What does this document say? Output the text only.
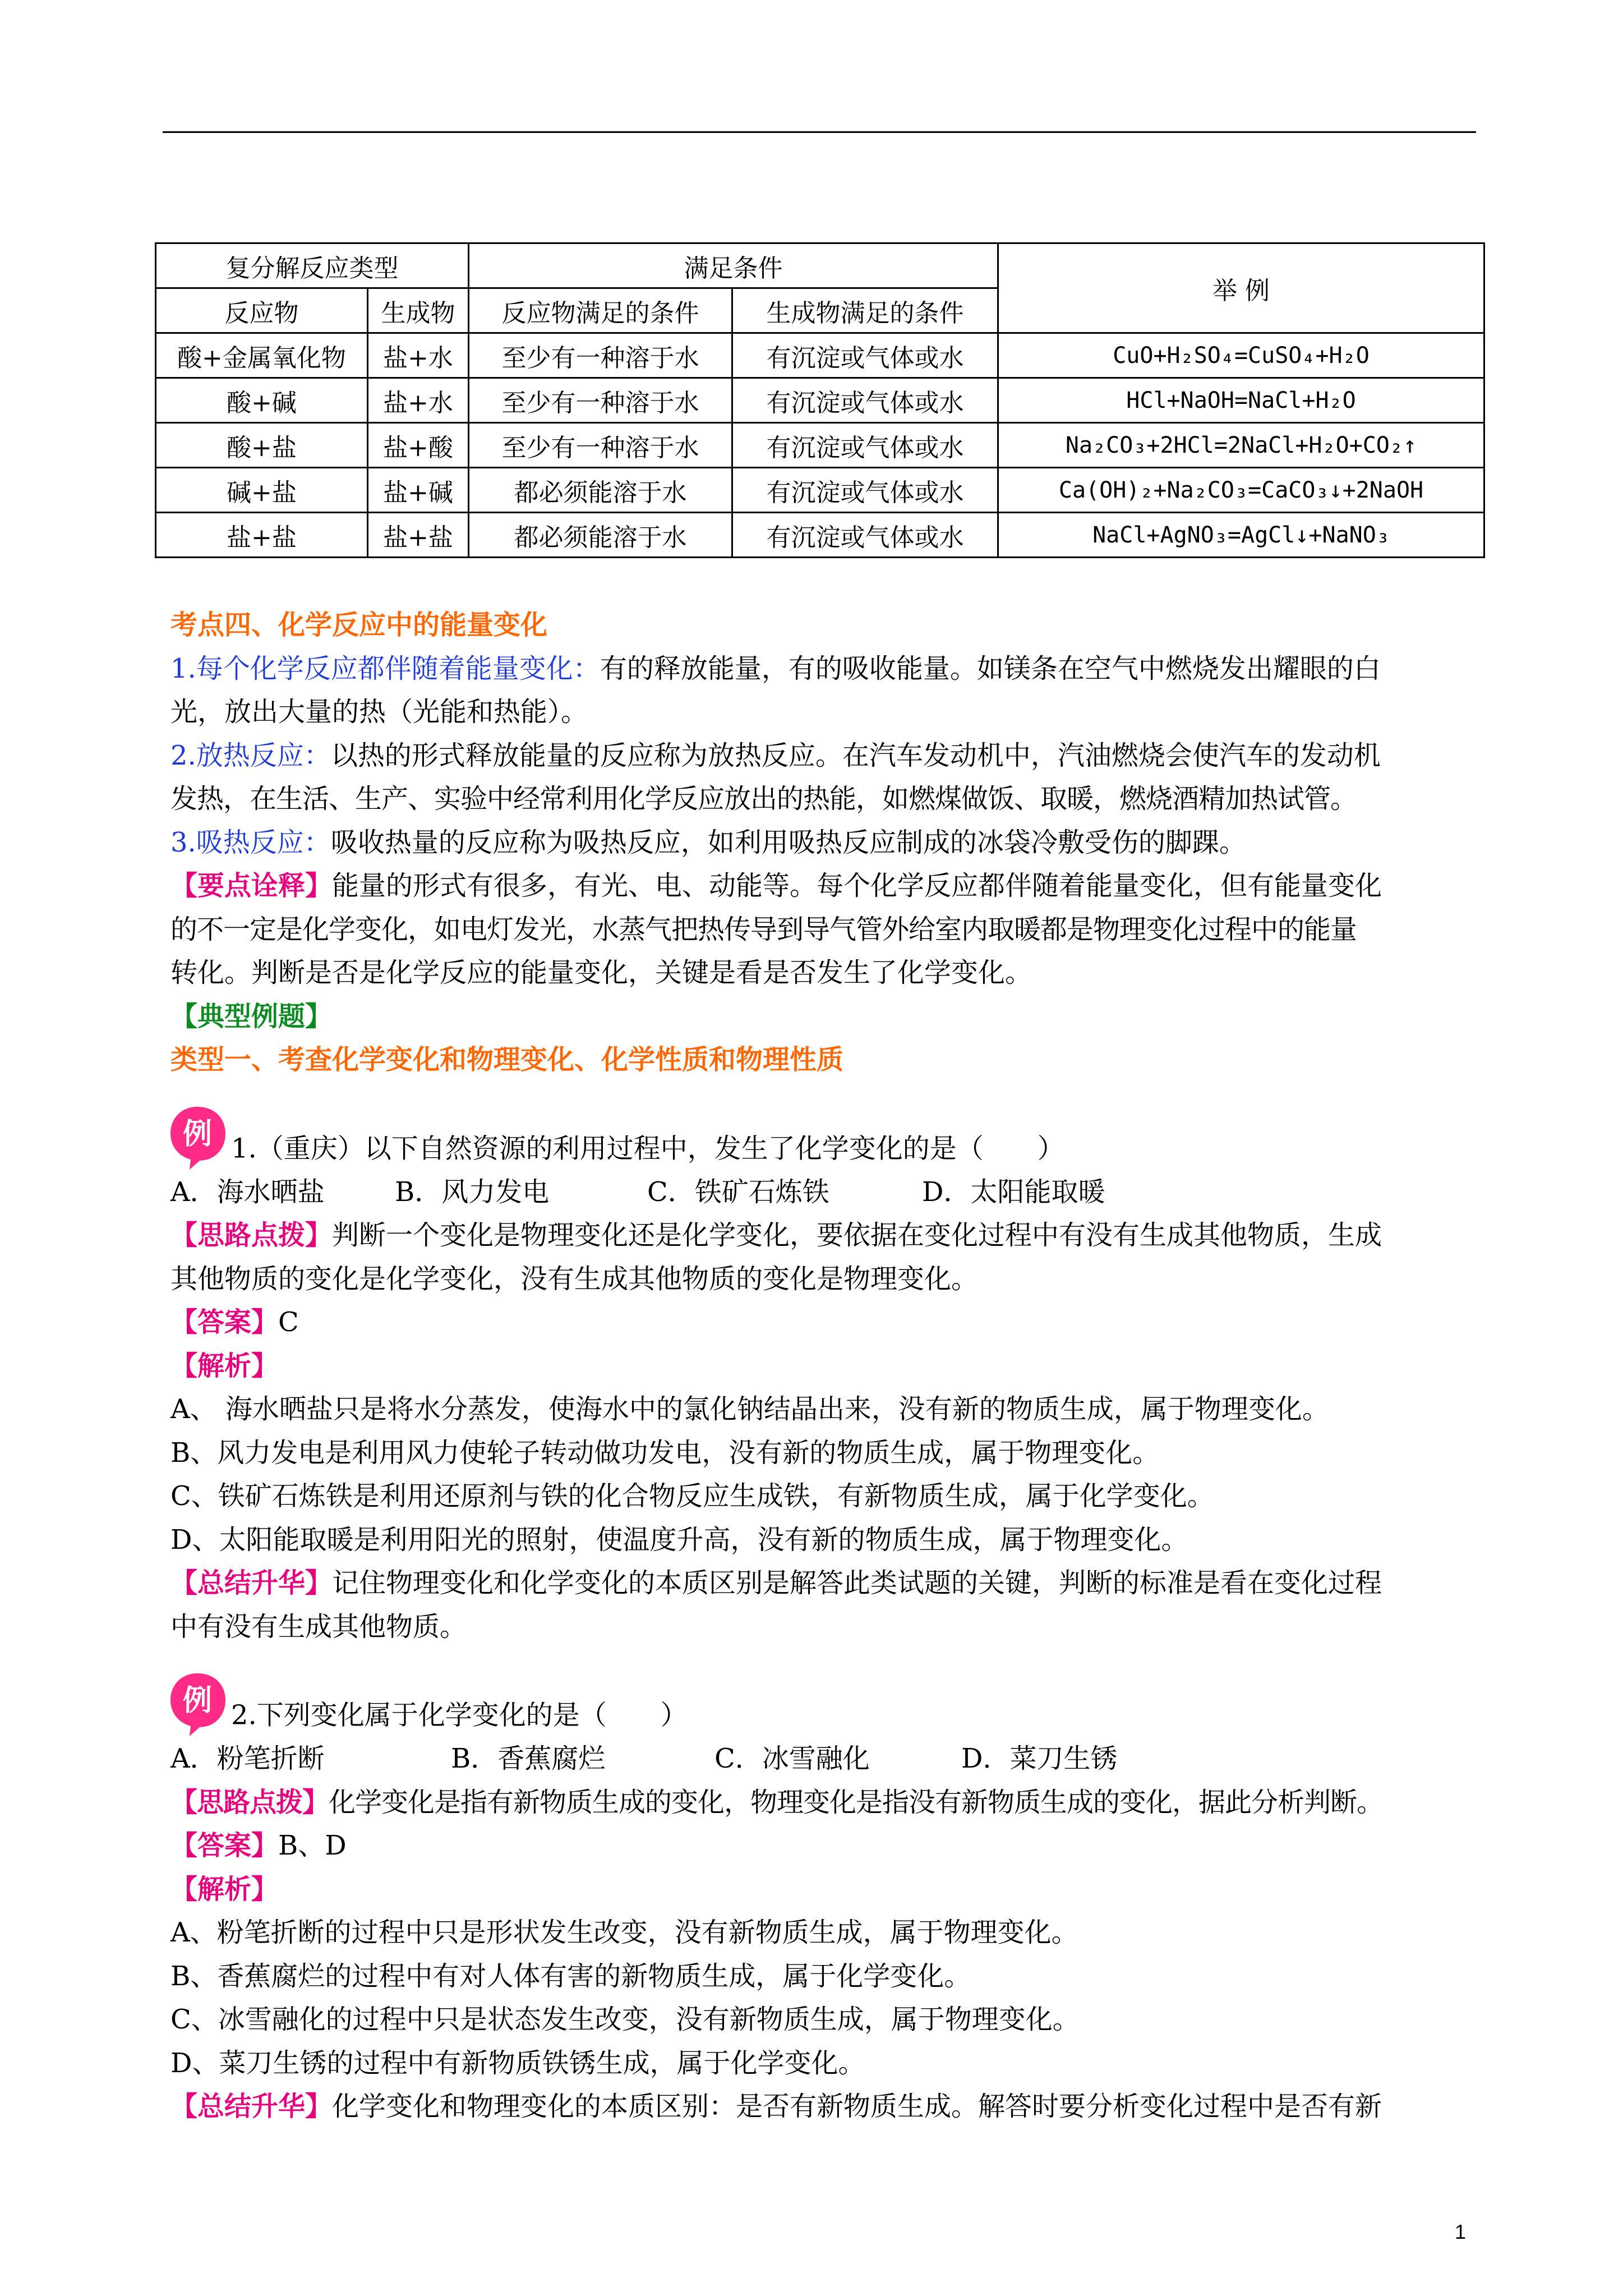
复分解反应类型		满足条件		举 例
反应物	生成物	反应物满足的条件	生成物满足的条件	
酸+金属氧化物	盐+水	至少有一种溶于水	有沉淀或气体或水	CuO+H₂SO₄=CuSO₄+H₂O
酸+碱	盐+水	至少有一种溶于水	有沉淀或气体或水	HCl+NaOH=NaCl+H₂O
酸+盐	盐+酸	至少有一种溶于水	有沉淀或气体或水	Na₂CO₃+2HCl=2NaCl+H₂O+CO₂↑
碱+盐	盐+碱	都必须能溶于水	有沉淀或气体或水	Ca(OH)₂+Na₂CO₃=CaCO₃↓+2NaOH
盐+盐	盐+盐	都必须能溶于水	有沉淀或气体或水	NaCl+AgNO₃=AgCl↓+NaNO₃

考点四、化学反应中的能量变化

1.每个化学反应都伴随着能量变化：有的释放能量，有的吸收能量。如镁条在空气中燃烧发出耀眼的白

光，放出大量的热（光能和热能）。

2.放热反应：以热的形式释放能量的反应称为放热反应。在汽车发动机中，汽油燃烧会使汽车的发动机

发热，在生活、生产、实验中经常利用化学反应放出的热能，如燃煤做饭、取暖，燃烧酒精加热试管。

3.吸热反应：吸收热量的反应称为吸热反应，如利用吸热反应制成的冰袋冷敷受伤的脚踝。

【要点诠释】能量的形式有很多，有光、电、动能等。每个化学反应都伴随着能量变化，但有能量变化

的不一定是化学变化，如电灯发光，水蒸气把热传导到导气管外给室内取暖都是物理变化过程中的能量

转化。判断是否是化学反应的能量变化，关键是看是否发生了化学变化。

【典型例题】

类型一、考查化学变化和物理变化、化学性质和物理性质

例 1.（重庆）以下自然资源的利用过程中，发生了化学变化的是（　　）

A．海水晒盐	B．风力发电	C．铁矿石炼铁	D．太阳能取暖

【思路点拨】判断一个变化是物理变化还是化学变化，要依据在变化过程中有没有生成其他物质，生成

其他物质的变化是化学变化，没有生成其他物质的变化是物理变化。

【答案】C

【解析】

A、 海水晒盐只是将水分蒸发，使海水中的氯化钠结晶出来，没有新的物质生成，属于物理变化。

B、风力发电是利用风力使轮子转动做功发电，没有新的物质生成，属于物理变化。

C、铁矿石炼铁是利用还原剂与铁的化合物反应生成铁，有新物质生成，属于化学变化。

D、太阳能取暖是利用阳光的照射，使温度升高，没有新的物质生成，属于物理变化。

【总结升华】记住物理变化和化学变化的本质区别是解答此类试题的关键，判断的标准是看在变化过程

中有没有生成其他物质。

例 2.下列变化属于化学变化的是（　　）

A．粉笔折断	B．香蕉腐烂	C．冰雪融化	D．菜刀生锈

【思路点拨】化学变化是指有新物质生成的变化，物理变化是指没有新物质生成的变化，据此分析判断。

【答案】B、D

【解析】

A、粉笔折断的过程中只是形状发生改变，没有新物质生成，属于物理变化。

B、香蕉腐烂的过程中有对人体有害的新物质生成，属于化学变化。

C、冰雪融化的过程中只是状态发生改变，没有新物质生成，属于物理变化。

D、菜刀生锈的过程中有新物质铁锈生成，属于化学变化。

【总结升华】化学变化和物理变化的本质区别：是否有新物质生成。解答时要分析变化过程中是否有新

1
